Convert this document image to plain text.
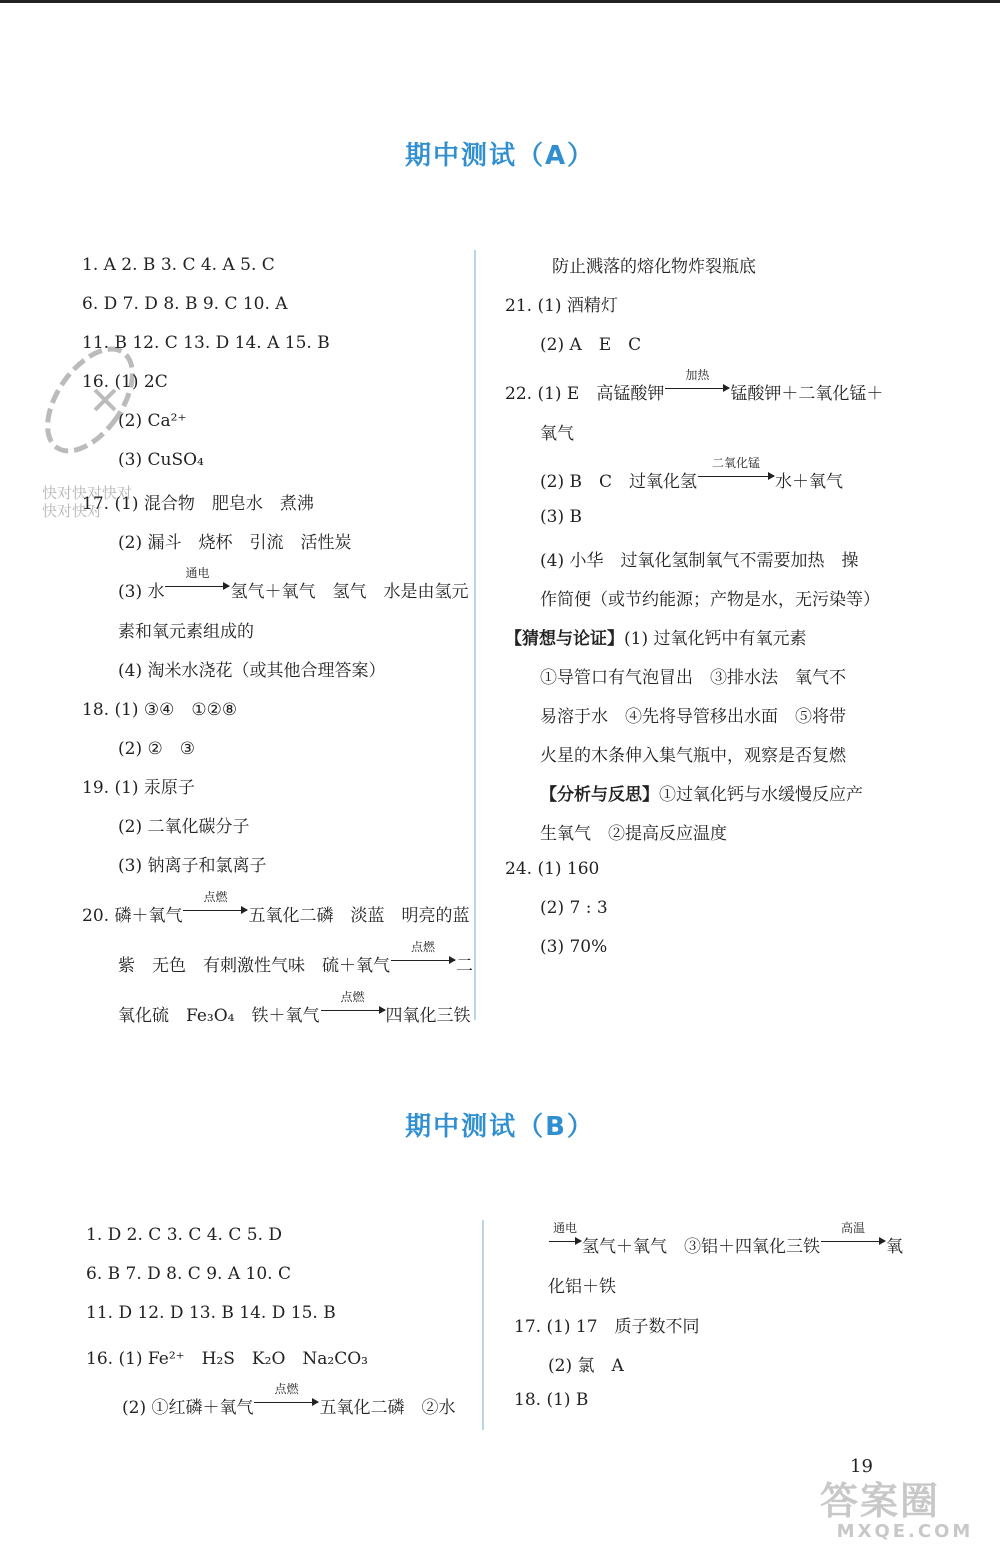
期中测试（A）
快对快对快对
快对快对
1. A 2. B 3. C 4. A 5. C
6. D 7. D 8. B 9. C 10. A
11. B 12. C 13. D 14. A 15. B
16. (1) 2C
(2) Ca²⁺
(3) CuSO₄
17. (1) 混合物　肥皂水　煮沸
(2) 漏斗　烧杯　引流　活性炭
(3) 水
通电
氢气＋氧气　氢气　水是由氢元
素和氧元素组成的
(4) 淘米水浇花（或其他合理答案）
18. (1) ③④　①②⑧
(2) ②　③
19. (1) 汞原子
(2) 二氧化碳分子
(3) 钠离子和氯离子
20. 磷＋氧气
点燃
五氧化二磷　淡蓝　明亮的蓝
紫　无色　有刺激性气味　硫＋氧气
点燃
二
氧化硫　Fe₃O₄　铁＋氧气
点燃
四氧化三铁
防止溅落的熔化物炸裂瓶底
21. (1) 酒精灯
(2) A　E　C
22. (1) E　高锰酸钾
加热
锰酸钾＋二氧化锰＋
氧气
(2) B　C　过氧化氢
二氧化锰
水＋氧气
(3) B
(4) 小华　过氧化氢制氧气不需要加热　操
作简便（或节约能源；产物是水，无污染等）
【猜想与论证】(1) 过氧化钙中有氧元素
①导管口有气泡冒出　③排水法　氧气不
易溶于水　④先将导管移出水面　⑤将带
火星的木条伸入集气瓶中，观察是否复燃
【分析与反思】①过氧化钙与水缓慢反应产
生氧气　②提高反应温度
24. (1) 160
(2) 7 : 3
(3) 70%
期中测试（B）
1. D 2. C 3. C 4. C 5. D
6. B 7. D 8. C 9. A 10. C
11. D 12. D 13. B 14. D 15. B
16. (1) Fe²⁺　H₂S　K₂O　Na₂CO₃
(2) ①红磷＋氧气
点燃
五氧化二磷　②水
通电
氢气＋氧气　③铝＋四氧化三铁
高温
氧
化铝＋铁
17. (1) 17　质子数不同
(2) 氯　A
18. (1) B
19
答案圈
MXQE.COM
